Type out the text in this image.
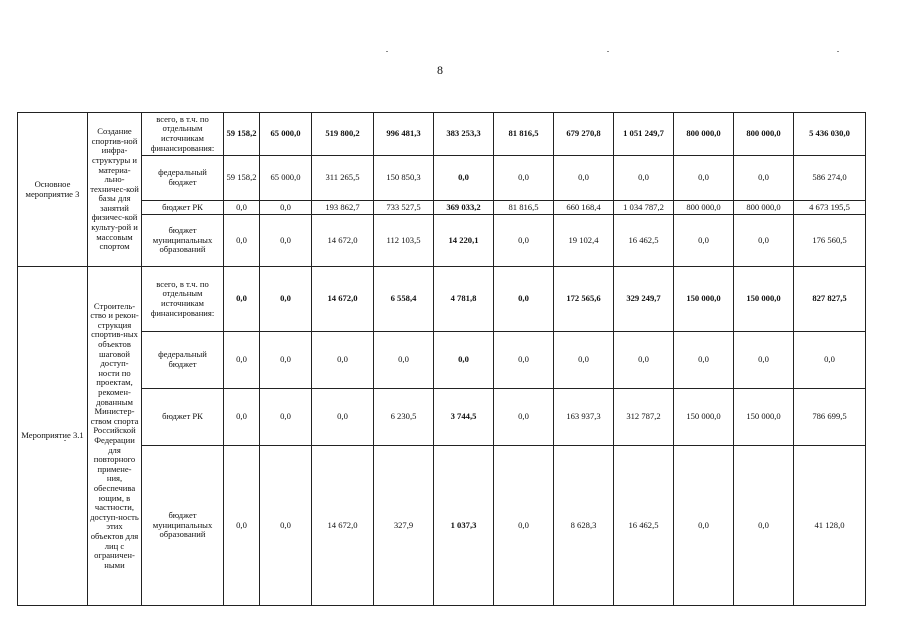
8
Основное мероприятие 3	Создание спортив-ной инфра-структуры и материа-льно-техничес-кой базы для занятий физичес-кой культу-рой и массовым спортом	всего, в т.ч. по отдельным источникам финансирования:	59 158,2	65 000,0	519 800,2	996 481,3	383 253,3	81 816,5	679 270,8	1 051 249,7	800 000,0	800 000,0	5 436 030,0
		федеральный бюджет	59 158,2	65 000,0	311 265,5	150 850,3	0,0	0,0	0,0	0,0	0,0	0,0	586 274,0
		бюджет РК	0,0	0,0	193 862,7	733 527,5	369 033,2	81 816,5	660 168,4	1 034 787,2	800 000,0	800 000,0	4 673 195,5
		бюджет муниципальных образований	0,0	0,0	14 672,0	112 103,5	14 220,1	0,0	19 102,4	16 462,5	0,0	0,0	176 560,5
Мероприятие 3.1	Строитель-ство и рекон-струкция спортив-ных объектов шаговой доступ-ности по проектам, рекомен-дованным Министер-ством спорта Российской Федерации для повторного примене-ния, обеспечива ющим, в частности, доступ-ность этих объектов для лиц с ограничен-ными	всего, в т.ч. по отдельным источникам финансирования:	0,0	0,0	14 672,0	6 558,4	4 781,8	0,0	172 565,6	329 249,7	150 000,0	150 000,0	827 827,5
		федеральный бюджет	0,0	0,0	0,0	0,0	0,0	0,0	0,0	0,0	0,0	0,0	0,0
		бюджет РК	0,0	0,0	0,0	6 230,5	3 744,5	0,0	163 937,3	312 787,2	150 000,0	150 000,0	786 699,5
		бюджет муниципальных образований	0,0	0,0	14 672,0	327,9	1 037,3	0,0	8 628,3	16 462,5	0,0	0,0	41 128,0
